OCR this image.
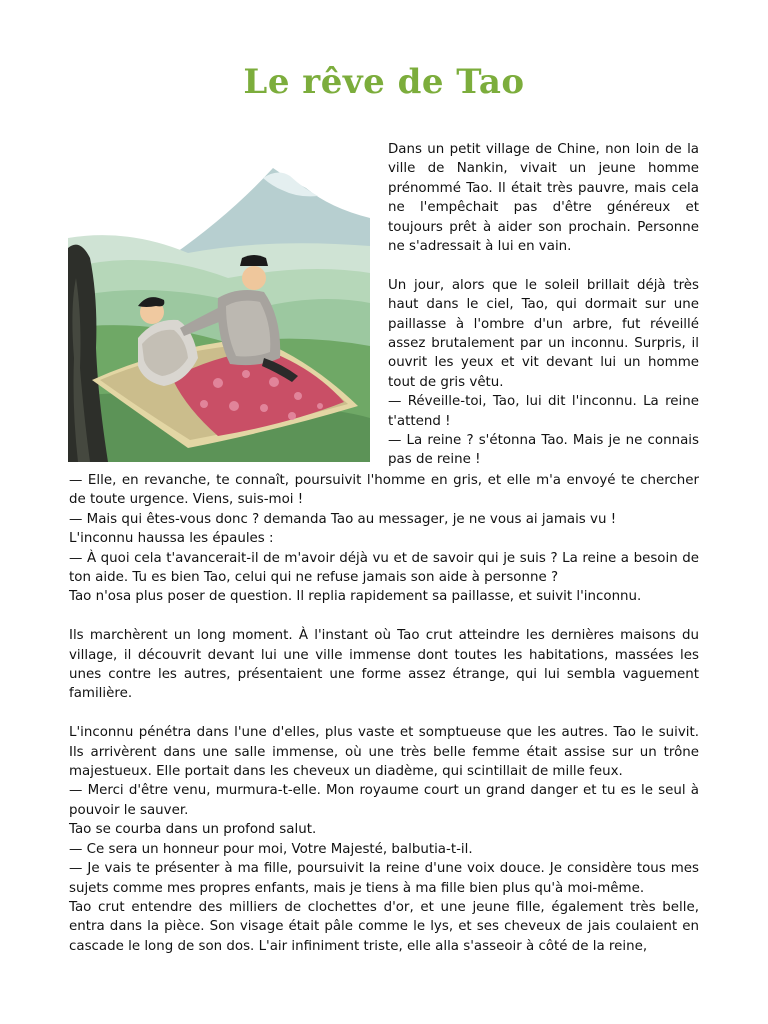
Le rêve de Tao

Dans un petit village de Chine, non loin de la ville de Nankin, vivait un jeune homme prénommé Tao. Il était très pauvre, mais cela ne l'empêchait pas d'être généreux et toujours prêt à aider son prochain. Personne ne s'adressait à lui en vain.

Un jour, alors que le soleil brillait déjà très haut dans le ciel, Tao, qui dormait sur une paillasse à l'ombre d'un arbre, fut réveillé assez brutalement par un inconnu. Surpris, il ouvrit les yeux et vit devant lui un homme tout de gris vêtu.

— Réveille-toi, Tao, lui dit l'inconnu. La reine t'attend !

— La reine ? s'étonna Tao. Mais je ne connais pas de reine !

— Elle, en revanche, te connaît, poursuivit l'homme en gris, et elle m'a envoyé te chercher de toute urgence. Viens, suis-moi !

— Mais qui êtes-vous donc ? demanda Tao au messager, je ne vous ai jamais vu !

L'inconnu haussa les épaules :

— À quoi cela t'avancerait-il de m'avoir déjà vu et de savoir qui je suis ? La reine a besoin de ton aide. Tu es bien Tao, celui qui ne refuse jamais son aide à personne ?

Tao n'osa plus poser de question. Il replia rapidement sa paillasse, et suivit l'inconnu.

Ils marchèrent un long moment. À l'instant où Tao crut atteindre les dernières maisons du village, il découvrit devant lui une ville immense dont toutes les habitations, massées les unes contre les autres, présentaient une forme assez étrange, qui lui sembla vaguement familière.

L'inconnu pénétra dans l'une d'elles, plus vaste et somptueuse que les autres. Tao le suivit. Ils arrivèrent dans une salle immense, où une très belle femme était assise sur un trône majestueux. Elle portait dans les cheveux un diadème, qui scintillait de mille feux.

— Merci d'être venu, murmura-t-elle. Mon royaume court un grand danger et tu es le seul à pouvoir le sauver.

Tao se courba dans un profond salut.

— Ce sera un honneur pour moi, Votre Majesté, balbutia-t-il.

— Je vais te présenter à ma fille, poursuivit la reine d'une voix douce. Je considère tous mes sujets comme mes propres enfants, mais je tiens à ma fille bien plus qu'à moi-même.

Tao crut entendre des milliers de clochettes d'or, et une jeune fille, également très belle, entra dans la pièce. Son visage était pâle comme le lys, et ses cheveux de jais coulaient en cascade le long de son dos. L'air infiniment triste, elle alla s'asseoir à côté de la reine,
